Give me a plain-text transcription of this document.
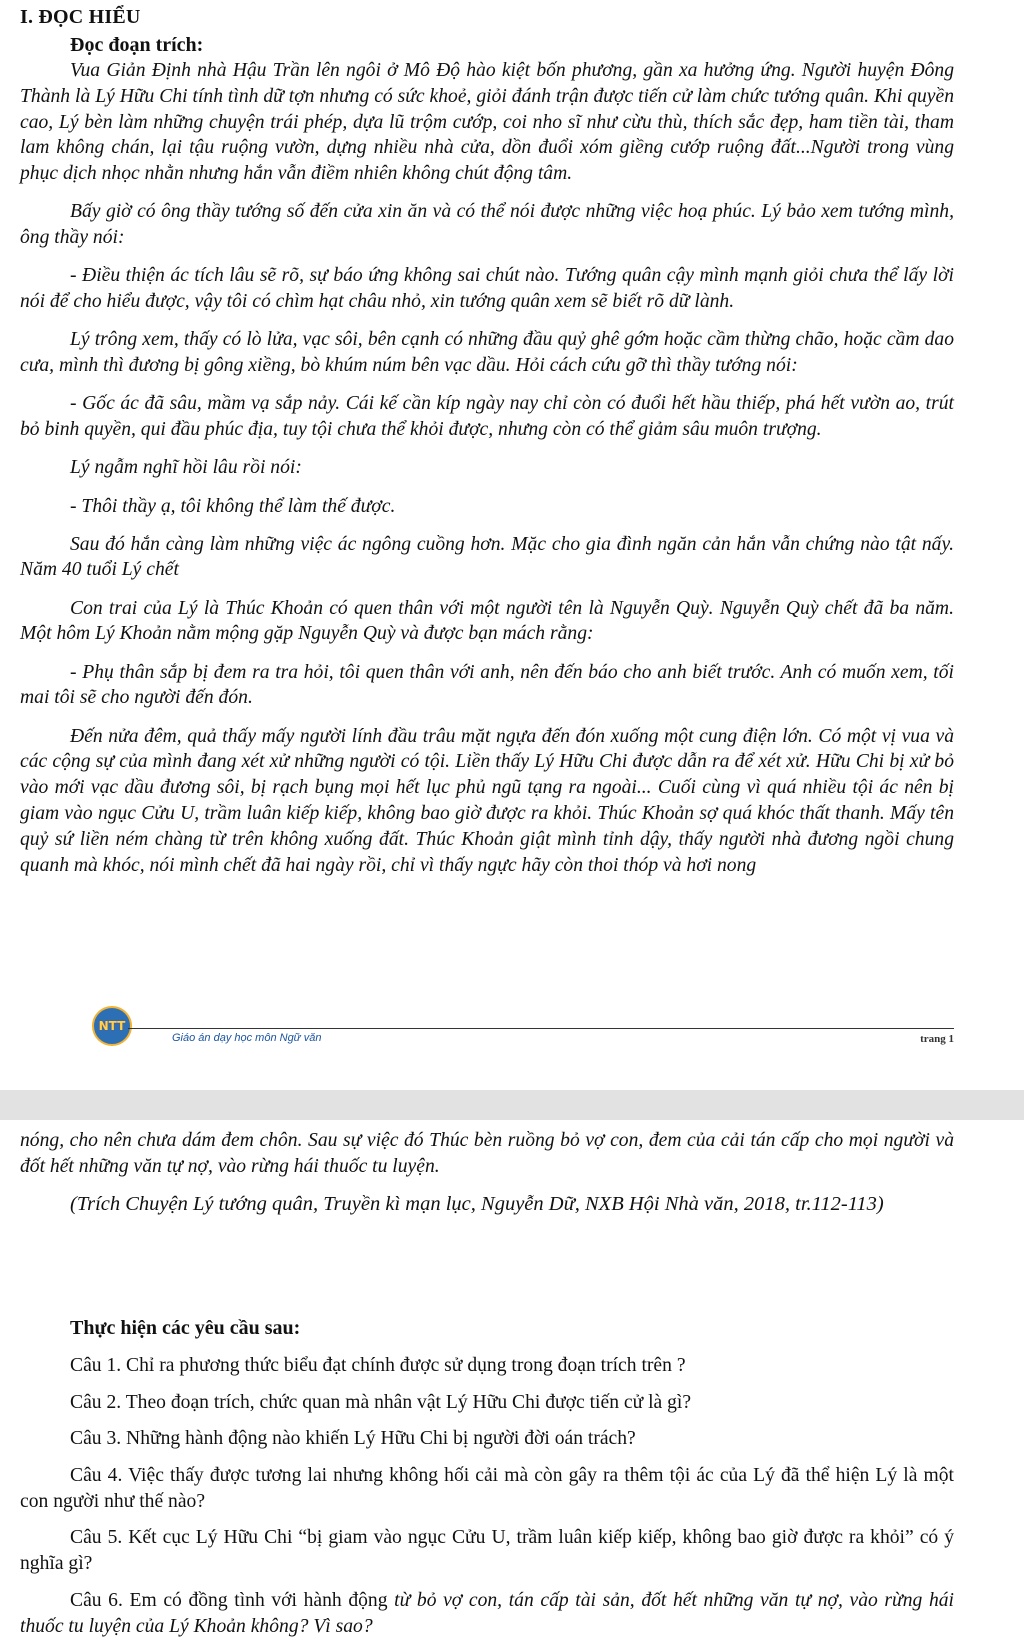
I. ĐỌC HIỂU
Đọc đoạn trích:

Vua Giản Định nhà Hậu Trần lên ngôi ở Mô Độ hào kiệt bốn phương, gần xa hưởng ứng. Người huyện Đông Thành là Lý Hữu Chi tính tình dữ tợn nhưng có sức khoẻ, giỏi đánh trận được tiến cử làm chức tướng quân. Khi quyền cao, Lý bèn làm những chuyện trái phép, dựa lũ trộm cướp, coi nho sĩ như cừu thù, thích sắc đẹp, ham tiền tài, tham lam không chán, lại tậu ruộng vườn, dựng nhiều nhà cửa, dồn đuổi xóm giềng cướp ruộng đất...Người trong vùng phục dịch nhọc nhằn nhưng hắn vẫn điềm nhiên không chút động tâm.

Bấy giờ có ông thầy tướng số đến cửa xin ăn và có thể nói được những việc hoạ phúc. Lý bảo xem tướng mình, ông thầy nói:

- Điều thiện ác tích lâu sẽ rõ, sự báo ứng không sai chút nào. Tướng quân cậy mình mạnh giỏi chưa thể lấy lời nói để cho hiểu được, vậy tôi có chìm hạt châu nhỏ, xin tướng quân xem sẽ biết rõ dữ lành.

Lý trông xem, thấy có lò lửa, vạc sôi, bên cạnh có những đầu quỷ ghê gớm hoặc cầm thừng chão, hoặc cầm dao cưa, mình thì đương bị gông xiềng, bò khúm núm bên vạc dầu. Hỏi cách cứu gỡ thì thầy tướng nói:

- Gốc ác đã sâu, mầm vạ sắp nảy. Cái kế cần kíp ngày nay chỉ còn có đuổi hết hầu thiếp, phá hết vườn ao, trút bỏ binh quyền, qui đầu phúc địa, tuy tội chưa thể khỏi được, nhưng còn có thể giảm sâu muôn trượng.

Lý ngẫm nghĩ hồi lâu rồi nói:

- Thôi thầy ạ, tôi không thể làm thế được.

Sau đó hắn càng làm những việc ác ngông cuồng hơn. Mặc cho gia đình ngăn cản hắn vẫn chứng nào tật nấy. Năm 40 tuổi Lý chết

Con trai của Lý là Thúc Khoản có quen thân với một người tên là Nguyễn Quỳ. Nguyễn Quỳ chết đã ba năm. Một hôm Lý Khoản nằm mộng gặp Nguyễn Quỳ và được bạn mách rằng:

- Phụ thân sắp bị đem ra tra hỏi, tôi quen thân với anh, nên đến báo cho anh biết trước. Anh có muốn xem, tối mai tôi sẽ cho người đến đón.

Đến nửa đêm, quả thấy mấy người lính đầu trâu mặt ngựa đến đón xuống một cung điện lớn. Có một vị vua và các cộng sự của mình đang xét xử những người có tội. Liền thấy Lý Hữu Chi được dẫn ra để xét xử. Hữu Chi bị xử bỏ vào mới vạc dầu đương sôi, bị rạch bụng mọi hết lục phủ ngũ tạng ra ngoài... Cuối cùng vì quá nhiều tội ác nên bị giam vào ngục Cửu U, trầm luân kiếp kiếp, không bao giờ được ra khỏi. Thúc Khoản sợ quá khóc thất thanh. Mấy tên quỷ sứ liền ném chàng từ trên không xuống đất. Thúc Khoản giật mình tỉnh dậy, thấy người nhà đương ngồi chung quanh mà khóc, nói mình chết đã hai ngày rồi, chỉ vì thấy ngực hãy còn thoi thóp và hơi nong

NTT
Giáo án dạy học môn Ngữ văn	trang 1

nóng, cho nên chưa dám đem chôn. Sau sự việc đó Thúc bèn ruồng bỏ vợ con, đem của cải tán cấp cho mọi người và đốt hết những văn tự nợ, vào rừng hái thuốc tu luyện.

(Trích Chuyện Lý tướng quân, Truyền kì mạn lục, Nguyễn Dữ, NXB Hội Nhà văn, 2018, tr.112-113)

Thực hiện các yêu cầu sau:

Câu 1. Chỉ ra phương thức biểu đạt chính được sử dụng trong đoạn trích trên ?

Câu 2. Theo đoạn trích, chức quan mà nhân vật Lý Hữu Chi được tiến cử là gì?

Câu 3. Những hành động nào khiến Lý Hữu Chi bị người đời oán trách?

Câu 4. Việc thấy được tương lai nhưng không hối cải mà còn gây ra thêm tội ác của Lý đã thể hiện Lý là một con người như thế nào?

Câu 5. Kết cục Lý Hữu Chi “bị giam vào ngục Cửu U, trầm luân kiếp kiếp, không bao giờ được ra khỏi” có ý nghĩa gì?

Câu 6. Em có đồng tình với hành động từ bỏ vợ con, tán cấp tài sản, đốt hết những văn tự nợ, vào rừng hái thuốc tu luyện của Lý Khoản không? Vì sao?
